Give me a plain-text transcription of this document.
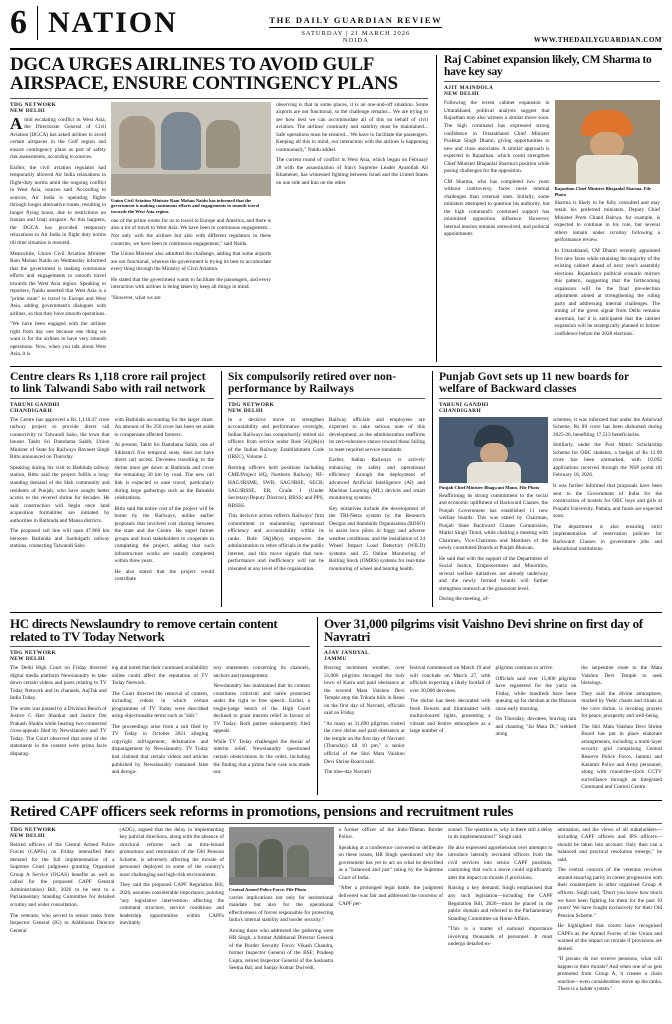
6 NATION	THE DAILY GUARDIAN REVIEW
SATURDAY | 21 MARCH 2026
NOIDA	WWW.THEDAILYGUARDIAN.COM
DGCA URGES AIRLINES TO AVOID GULF AIRSPACE, ENSURE CONTINGENCY PLANS
TDG NETWORK
NEW DELHI

Amid escalating conflict in West Asia, the Directorate General of Civil Aviation (DGCA) has asked airlines to avoid certain airspaces in the Gulf region and ensure contingency plans as part of safety risk assessments, according to sources.

Earlier, the civil aviation regulator had temporarily allowed Air India relaxations in flight-duty norms amid the ongoing conflict in West Asia, sources said. According to sources, Air India is operating flights through longer alternative routes, resulting in longer flying hours, due to restrictions on Iranian and Iraqi airspace. As this happens, the DGCA has provided temporary relaxations to Air India in flight duty norms till time situation is restored.

Meanwhile, Union Civil Aviation Minister Ram Mohan Naidu on Wednesday informed that the government is making continuous efforts and engagements to smooth travel towards the West Asia region. Speaking to reporters, Naidu asserted that West Asia is a "prime route" to travel to Europe and West Asia, adding government's dialogues with airlines, so that they have smooth operations.

"We have been engaged with the airlines right from day one because one thing we want is for the airlines to have very smooth operations. Now, when you talk about West Asia, it is

Union Civil Aviation Minister Ram Mohan Naidu has informed that the government is making continuous efforts and engagements to smooth travel towards the West Asia region.

one of the prime routes for us to travel to Europe and America, and there is also a lot of travel to West Asia. We have been in continuous engagement... Not only with the airlines but also with different regulators in these countries, we have been in continuous engagement," said Naidu.

The Union Minister also admitted the challenge, adding that some airports are not functional, whereas the government is trying its best to accomodate every thing through the Ministry of Civil Aviation.

He stated that the government wants to facilitate the passengers, and every interaction with airlines is being taken by keep all things in mind.

"However, what we are

observing is that in some places, it is an one-and-off situation. Some airports are not functional, so the challenge remains... We are trying to see how best we can accommodate all of this on behalf of civil aviation. The airlines' continuity and stability must be maintained... Safe operations must be ensured... We have to facilitate the passengers. Keeping all this in mind, our interaction with the airlines is happening continuously," Naidu added.

The current round of conflict in West Asia, which began on February 28 with the assassination of Iran's Supreme Leader Ayatollah Ali Khamenei, has witnessed fighting between Israel and the United States on one side and Iran on the other.

Raj Cabinet expansion likely, CM Sharma to have key say
AJIT MAINDOLA
NEW DELHI

Following the recent cabinet expansion in Uttarakhand, political analysts suggest that Rajasthan may also witness a similar move soon. The high command has expressed strong confidence in Uttarakhand Chief Minister Pushkar Singh Dhami, giving opportunities to new and close associates. A similar approach is expected in Rajasthan, which could strengthen Chief Minister Bhajanlal Sharma's position while posing challenges for the opposition.

CM Sharma, who has completed two years without controversy, faces more internal challenges than external ones. Initially, some ministers attempted to question his authority, but the high command's continued support has minimised opposition influence. However, internal tension remains unresolved, and political appointments

Rajasthan Chief Minister Bhajanlal Sharma. File Photo

Sharma is likely to be fully consulted and may retain his preferred ministers. Deputy Chief Minister Prem Chand Bairwa, for example, is expected to continue in his role, but several others remain under scrutiny following a performance review.

In Uttarakhand, CM Dhami recently appointed five new faces while retaining the majority of the existing cabinet ahead of next year's assembly elections. Rajasthan's political scenario mirrors this pattern, suggesting that the forthcoming expansion will be the final pre-election adjustment aimed at strengthening the ruling party and addressing internal challenges. The timing of the green signal from Delhi remains uncertain, but it is anticipated that the cabinet expansion will be strategically planned to bolster confidence before the 2028 elections.

Centre clears Rs 1,118 crore rail project to link Talwandi Sabo with rail network
TARUNI GANDHI
CHANDIGARH

The Centre has approved a Rs 1,118.47 crore railway project to provide direct rail connectivity to Talwandi Sabo, the town that houses Takht Sri Damdama Sahib, Union Minister of State for Railways Ravneet Singh Bittu announced on Thursday.

Speaking during his visit to Bathinda railway station, Bittu said the project fulfils a long-standing demand of the Sikh community and residents of Punjab, who have sought better access to the revered shrine for decades. He said construction will begin once land acquisition formalities are initiated by authorities in Bathinda and Mansa districts.

The proposed rail line will span 47.860 km between Bathinda and Sardulgarh railway stations, connecting Talwandi Sabo

with Bathinda accounting for the larger share. An amount of Rs 356 crore has been set aside to compensate affected farmers.

At present, Takht Sri Damdama Sahib, one of Sikhism's five temporal seats, does not have direct rail access. Devotees travelling to the shrine must get down at Bathinda and cover the remaining 30 km by road. The new rail link is expected to ease travel, particularly during large gatherings such as the Baisakhi celebrations.

Bittu said the entire cost of the project will be borne by the Railways, unlike earlier proposals that involved cost sharing between the state and the Centre. He urged farmer groups and local stakeholders to cooperate in completing the project, adding that such infrastructure works are usually completed within three years.

He also stated that the project would contribute

Six compulsorily retired over non-performance by Railways
TDG NETWORK
NEW DELHI

In a decisive move to strengthen accountability and performance oversight, Indian Railways has compulsorily retired six officers from service under Rule 56(j)&(o) of the Indian Railway Establishment Code (IREC), Volume 2.

Retiring officers held positions including CME/Project HQ, Northern Railway; NF-HAG/IRSME, SWR; SAG/IRSE, SECR; SAG/IRSSE, ER; Grade I (Under Secretary/Deputy Director), RBSS; and PPS, RBSSS.

This decisive action reflects Railways' firm commitment to maintaining operational efficiency and accountability within its ranks. Rule 56(j)&(o) empowers the administration to retire officials in the public interest, and this move signals that non-performance and inefficiency will not be tolerated at any level of the organisation.

Railway officials and employees are expected to take serious note of this development, as the administration reaffirms its zero-tolerance stance toward those failing to meet required service standards.

Earlier, Indian Railways is actively enhancing its safety and operational efficiency through the deployment of advanced Artificial Intelligence (AI) and Machine Learning (ML) devices and smart monitoring systems.

Key initiatives include the development of the TRI-Netra system by the Research Designs and Standards Organisation (RDSO) to assist loco pilots in foggy and adverse weather conditions, and the installation of 24 Wheel Impact Load Detectors (WILD) systems and 25 Online Monitoring of Rolling Stock (OMRS) systems for real-time monitoring of wheel and bearing health.

Punjab Govt sets up 11 new boards for welfare of Backward classes
TARUNI GANDHI
CHANDIGARH
Punjab Chief Minister Bhagwant Mann. File Photo

Reaffirming its strong commitment to the social and economic upliftment of Backward Classes, the Punjab Government has established 11 new welfare boards. This was stated by Chairman, Punjab State Backward Classes Commission, Malkit Singh Thind, while chairing a meeting with Chairmen, Vice-Chairmen and Members of the newly constituted Boards at Punjab Bhawan.

He said that with the support of the Department of Social Justice, Empowerment and Minorities, several welfare initiatives are already underway and the newly formed boards will further strengthen outreach at the grassroots level.

During the meeting, of-

schemes, it was informed that under the Ashirwad Scheme, Rs 89 crore has been disbursed during 2025-26, benefiting 17,513 beneficiaries.

Similarly, under the Post Matric Scholarship Scheme for OBC students, a budget of Rs 12.99 crore has been earmarked, with 10,092 applications received through the NSP portal till February 18, 2026.

It was further informed that proposals have been sent to the Government of India for the construction of hostels for OBC boys and girls at Punjabi University, Patiala, and funds are expected soon.

The department is also ensuring strict implementation of reservation policies for Backward Classes in government jobs and educational institutions.

HC directs Newslaundry to remove certain content related to TV Today Network
TDG NETWORK
NEW DELHI

The Delhi High Court on Friday directed digital media platform Newslaundry to take down certain videos and posts relating to TV Today Network and its channels, AajTak and India Today.

The order was passed by a Division Bench of Justice C Hari Shankar and Justice Om Prakash Shukla while hearing two connected cross-appeals filed by Newslaundry and TV Today. The Court observed that some of the statements in the content were prima facie disparag-

ing and noted that their continued availability online could affect the reputation of TV Today Network.

The Court directed the removal of content, including videos in which certain programmes of TV Today were described using objectionable terms such as "shit."

The proceedings arise from a suit filed by TV Today in October 2021 alleging copyright infringement, defamation and disparagement by Newslaundry. TV Today had claimed that certain videos and articles published by Newslaundry contained false and deroga-

tory statements concerning its channels, anchors and management.

Newslaundry has maintained that its content constitutes criticism and satire protected under the right to free speech. Earlier, a single-judge bench of the High Court declined to grant interim relief in favour of TV Today. Both parties subsequently filed appeals.

While TV Today challenged the denial of interim relief, Newslaundry questioned certain observations in the order, including the finding that a prima facie case was made out.

Over 31,000 pilgrims visit Vaishno Devi shrine on first day of Navratri
AJAY JANDYAL
JAMMU

Braving inclement weather, over 31,000 pilgrims thronged the holy town of Katra and paid obeisance at the revered Mata Vaishno Devi Temple atop the Trikuta hills in Reasi on the first day of Navratri, officials said on Friday.

"As many as 31,690 pilgrims visited the cave shrine and paid obeisance at the temple on the first day of Navratri (Thursday) till 10 pm," a senior official of the Shri Mata Vaishno Devi Shrine Board said.

The nine-day Navratri

festival commenced on March 19 and will conclude on March 27, with officials expecting a likely footfall of over 30,000 devotees.

The shrine has been decorated with fresh flowers and illuminated with multicoloured lights, presenting a vibrant and festive atmosphere as a large number of

pilgrims continue to arrive.

Officials said over 15,000 pilgrims have registered for the yatra on Friday, while hundreds have been queuing up for darshan at the Bhawan since early morning.

On Thursday, devotees, braving rain and chanting "Jai Mata Di," trekked along

the serpentine route to the Mata Vaishno Devi Temple to seek blessings.

They said the divine atmosphere, marked by Vedic chants and rituals at the cave shrine, is invoking prayers for peace, prosperity and well-being.

The Shri Mata Vaishno Devi Shrine Board has put in place elaborate arrangements, including a multi-layer security grid comprising Central Reserve Police Force, Jammu and Kashmir Police and Army personnel, along with round-the-clock CCTV surveillance through an Integrated Command and Control Centre.

Retired CAPF officers seek reforms in promotions, pensions and recruitment rules
TDG NETWORK
NEW DELHI

Retired officers of the Central Armed Police Forces (CAPFs) on Friday intensified their demand for the full implementation of a Supreme Court judgment granting Organised Group A Service (OGAS) benefits as well as called for the proposed CAPF General Administration) Bill, 2026 to be sent to a Parliamentary Standing Committee for detailed scrutiny and wider consultation.

The veterans, who served in senior ranks from Inspector General (IG) to Additional Director General

(ADG), argued that the delay in implementing key judicial directions, along with the absence of structural reforms such as time-bound promotions and restoration of the Old Pension Scheme, is adversely affecting the morale of personnel deployed in some of the country's most challenging and high-risk environments.

They said the proposed CAPF Regulation Bill, 2026, assumes considerable importance, pointing "any legislative intervention affecting the command structure, service conditions and leadership opportunities within CAPFs inevitably

Central Armed Police Force. File Photo

carries implications not only for institutional mandate but also for the operational effectiveness of forces responsible for protecting India's internal stability and border security."

Among those who addressed the gathering were HR Singh, a former Additional Director General of the Border Security Force; Vikash Chandra, former Inspector General of the BSF; Pradeep Gupta, retired Inspector General of the Sashastra Seema Bal; and Sanjay Kumar Dwivedi,

a former officer of the Indo-Tibetan Border Police.

Speaking at a conference convened to deliberate on these issues, HR Singh questioned why the government has yet to act on what he described as a "balanced and just" ruling by the Supreme Court of India.

"After a prolonged legal battle, the judgment delivered was fair and addressed the concerns of CAPF per-

sonnel. The question is, why is there still a delay in its implementation?" Singh said.

He also expressed apprehension over attempts to introduce laterally recruited officers from the civil services into senior CAPF positions, cautioning that such a move could significantly alter the impact on morale if provisions.

Raising a key demand, Singh emphasised that any such legislation—including the CAPF Regulation Bill, 2026—must be placed in the public domain and referred to the Parliamentary Standing Committee on Home Affairs.

"This is a matter of national importance involving thousands of personnel. It must undergo detailed ex-

amination, and the views of all stakeholders—including CAPF officers and IPS officers—should be taken into account. Only then can a balanced and practical resolution emerge," he said.

The central concern of the veterans revolves around ensuring parity in career progression with their counterparts in other organised Group A officers. Singh said, "Don't you know how much we have been fighting for them for the past 10 years? We have fought exclusively for their Old Pension Scheme."

He highlighted that courts have recognised CAPFs as the Armed Forces of the Union and warned of the impact on morale if provisions are denied.

"If jawans do not receive pensions, what will happen to their morale? And when one of us gets promoted from Group A, it creates a chain reaction—even considerables move up the ranks. There is a ladder system."
